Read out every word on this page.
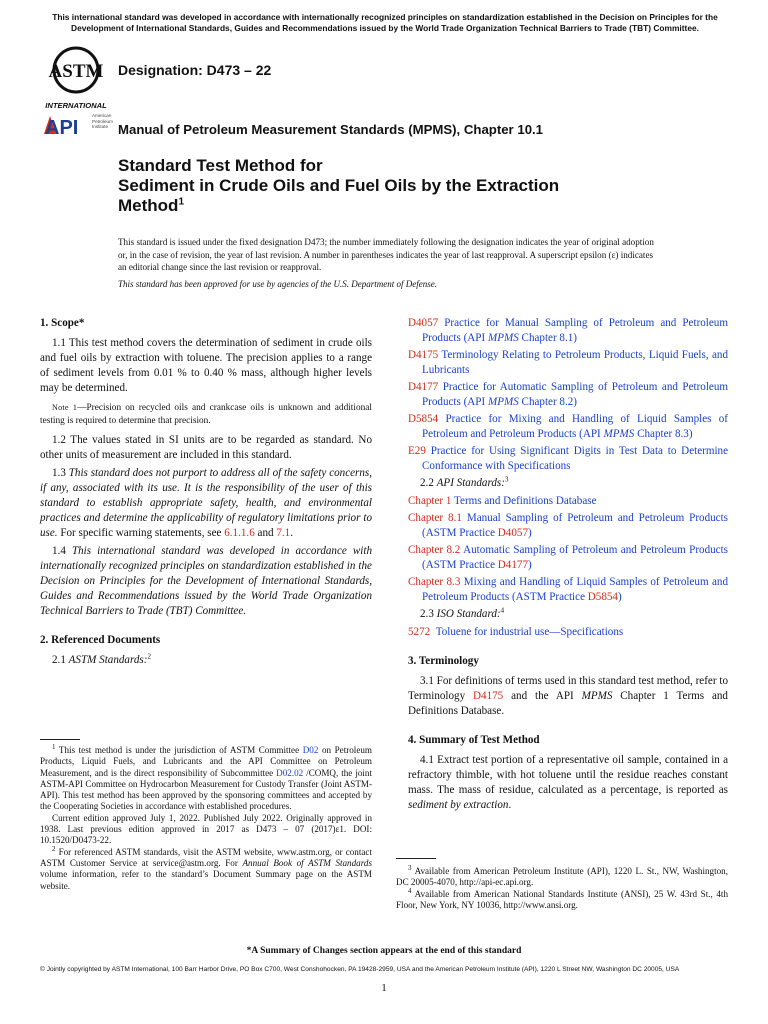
This international standard was developed in accordance with internationally recognized principles on standardization established in the Decision on Principles for the Development of International Standards, Guides and Recommendations issued by the World Trade Organization Technical Barriers to Trade (TBT) Committee.
ASTM
INTERNATIONAL
Designation: D473 – 22
API
American
Petroleum
Institute Manual of Petroleum Measurement Standards (MPMS), Chapter 10.1
Standard Test Method for
Sediment in Crude Oils and Fuel Oils by the Extraction
Method$^1$
This standard is issued under the fixed designation D473; the number immediately following the designation indicates the year of original adoption or, in the case of revision, the year of last revision. A number in parentheses indicates the year of last reapproval. A superscript epsilon (ε) indicates an editorial change since the last revision or reapproval.
This standard has been approved for use by agencies of the U.S. Department of Defense.
1. Scope*

1.1 This test method covers the determination of sediment in crude oils and fuel oils by extraction with toluene. The precision applies to a range of sediment levels from 0.01 % to 0.40 % mass, although higher levels may be determined.

Note 1—Precision on recycled oils and crankcase oils is unknown and additional testing is required to determine that precision.

1.2 The values stated in SI units are to be regarded as standard. No other units of measurement are included in this standard.

1.3 This standard does not purport to address all of the safety concerns, if any, associated with its use. It is the responsibility of the user of this standard to establish appropriate safety, health, and environmental practices and determine the applicability of regulatory limitations prior to use. For specific warning statements, see 6.1.1.6 and 7.1.

1.4 This international standard was developed in accordance with internationally recognized principles on standardization established in the Decision on Principles for the Development of International Standards, Guides and Recommendations issued by the World Trade Organization Technical Barriers to Trade (TBT) Committee.

2. Referenced Documents

2.1 ASTM Standards:$^2$

$^1$ This test method is under the jurisdiction of ASTM Committee D02 on Petroleum Products, Liquid Fuels, and Lubricants and the API Committee on Petroleum Measurement, and is the direct responsibility of Subcommittee D02.02 /COMQ, the joint ASTM-API Committee on Hydrocarbon Measurement for Custody Transfer (Joint ASTM-API). This test method has been approved by the sponsoring committees and accepted by the Cooperating Societies in accordance with established procedures.

Current edition approved July 1, 2022. Published July 2022. Originally approved in 1938. Last previous edition approved in 2017 as D473 – 07 (2017)ε1. DOI: 10.1520/D0473-22.

$^2$ For referenced ASTM standards, visit the ASTM website, www.astm.org, or contact ASTM Customer Service at service@astm.org. For Annual Book of ASTM Standards volume information, refer to the standard’s Document Summary page on the ASTM website.

D4057 Practice for Manual Sampling of Petroleum and Petroleum Products (API MPMS Chapter 8.1)
D4175 Terminology Relating to Petroleum Products, Liquid Fuels, and Lubricants
D4177 Practice for Automatic Sampling of Petroleum and Petroleum Products (API MPMS Chapter 8.2)
D5854 Practice for Mixing and Handling of Liquid Samples of Petroleum and Petroleum Products (API MPMS Chapter 8.3)
E29 Practice for Using Significant Digits in Test Data to Determine Conformance with Specifications

2.2 API Standards:$^3$

Chapter 1 Terms and Definitions Database
Chapter 8.1 Manual Sampling of Petroleum and Petroleum Products (ASTM Practice D4057)
Chapter 8.2 Automatic Sampling of Petroleum and Petroleum Products (ASTM Practice D4177)
Chapter 8.3 Mixing and Handling of Liquid Samples of Petroleum and Petroleum Products (ASTM Practice D5854)

2.3 ISO Standard:$^4$

5272 Toluene for industrial use—Specifications
3. Terminology

3.1 For definitions of terms used in this standard test method, refer to Terminology D4175 and the API MPMS Chapter 1 Terms and Definitions Database.

4. Summary of Test Method

4.1 Extract test portion of a representative oil sample, contained in a refractory thimble, with hot toluene until the residue reaches constant mass. The mass of residue, calculated as a percentage, is reported as sediment by extraction.

$^3$ Available from American Petroleum Institute (API), 1220 L. St., NW, Washington, DC 20005-4070, http://api-ec.api.org.

$^4$ Available from American National Standards Institute (ANSI), 25 W. 43rd St., 4th Floor, New York, NY 10036, http://www.ansi.org.

*A Summary of Changes section appears at the end of this standard
© Jointly copyrighted by ASTM International, 100 Barr Harbor Drive, PO Box C700, West Conshohocken, PA 19428-2959, USA and the American Petroleum Institute (API), 1220 L Street NW, Washington DC 20005, USA
1
